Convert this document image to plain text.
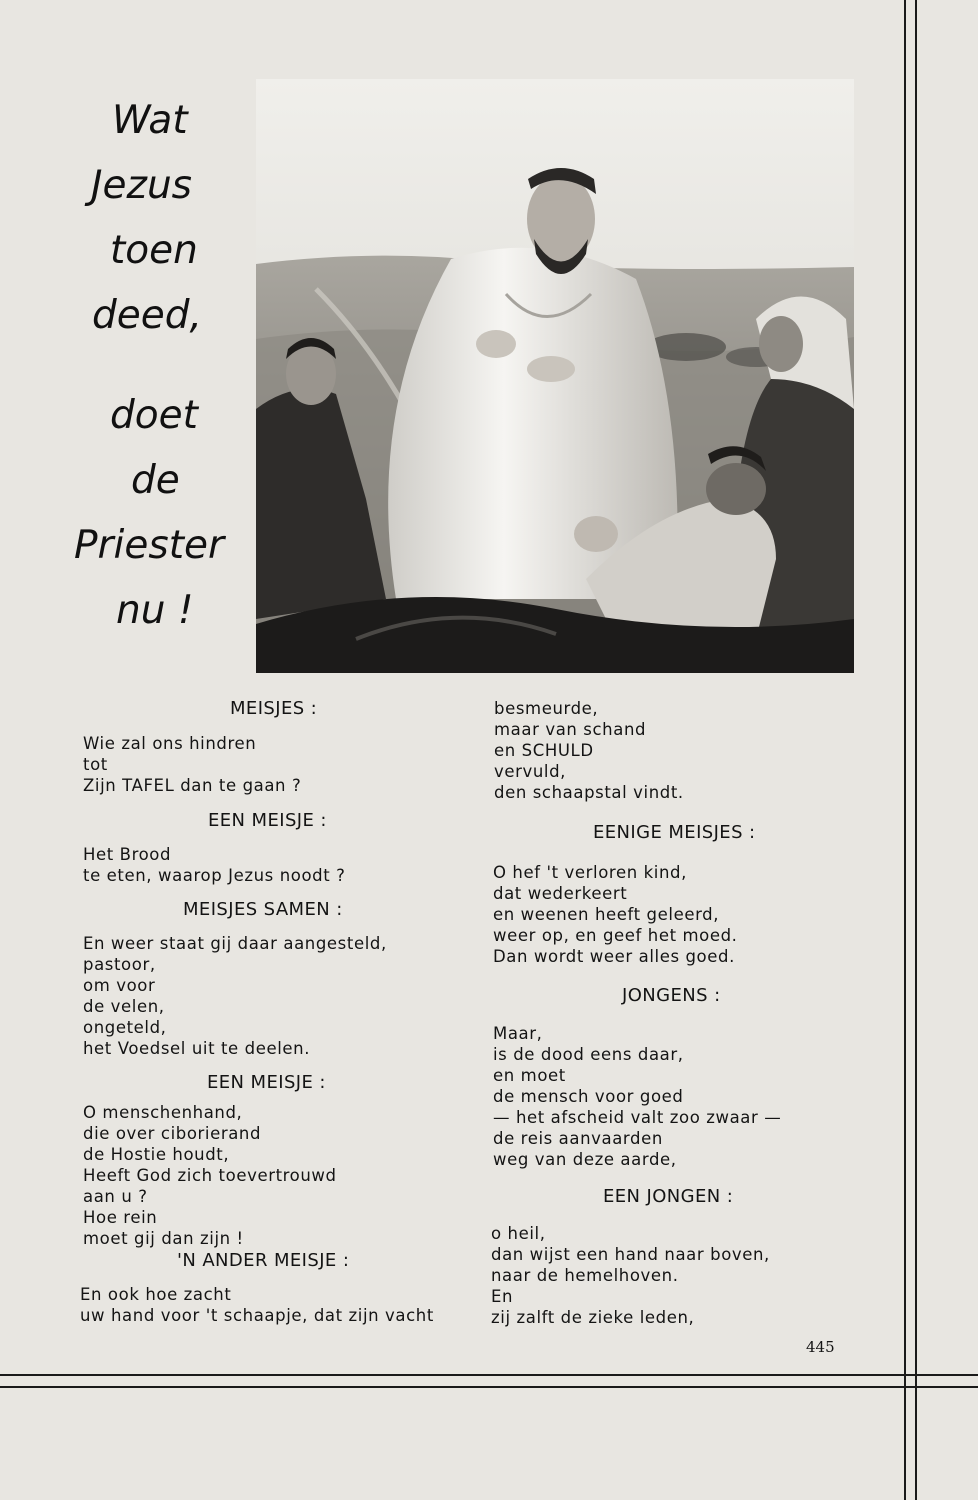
Wat
Jezus
toen
deed,
doet
de
Priester
nu !
MEISJES :

Wie zal ons hindren

tot

Zijn TAFEL dan te gaan ?

EEN MEISJE :

Het Brood

te eten, waarop Jezus noodt ?

MEISJES SAMEN :

En weer staat gij daar aangesteld,

pastoor,

om voor

de velen,

ongeteld,

het Voedsel uit te deelen.

EEN MEISJE :

O menschenhand,

die over ciborierand

de Hostie houdt,

Heeft God zich toevertrouwd

aan u ?

Hoe rein

moet gij dan zijn !

'N ANDER MEISJE :

En ook hoe zacht

uw hand voor 't schaapje, dat zijn vacht

besmeurde,

maar van schand

en SCHULD

vervuld,

den schaapstal vindt.

EENIGE MEISJES :

O hef 't verloren kind,

dat wederkeert

en weenen heeft geleerd,

weer op, en geef het moed.

Dan wordt weer alles goed.

JONGENS :

Maar,

is de dood eens daar,

en moet

de mensch voor goed

— het afscheid valt zoo zwaar —

de reis aanvaarden

weg van deze aarde,

EEN JONGEN :

o heil,

dan wijst een hand naar boven,

naar de hemelhoven.

En

zij zalft de zieke leden,

445
